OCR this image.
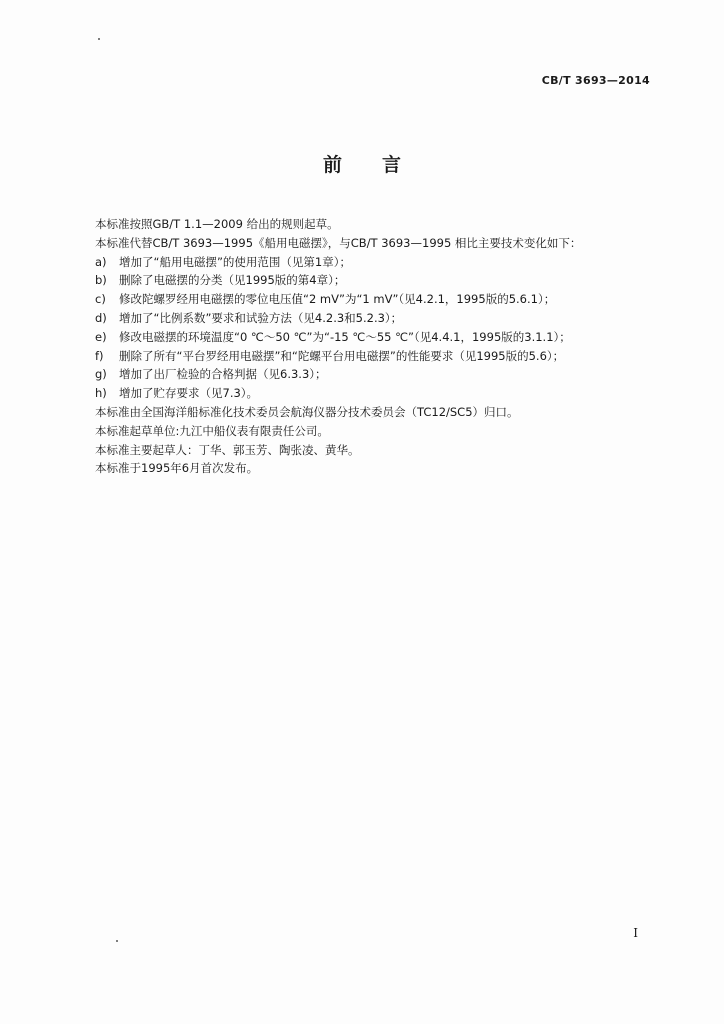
CB/T 3693—2014
前言
本标准按照GB/T 1.1—2009 给出的规则起草。
本标准代替CB/T 3693—1995《船用电磁摆》，与CB/T 3693—1995 相比主要技术变化如下：
a)	增加了“船用电磁摆”的使用范围（见第1章）；
b)	删除了电磁摆的分类（见1995版的第4章）；
c)	修改陀螺罗经用电磁摆的零位电压值“2 mV”为“1 mV”（见4.2.1，1995版的5.6.1）；
d)	增加了“比例系数”要求和试验方法（见4.2.3和5.2.3）；
e)	修改电磁摆的环境温度“0 ℃～50 ℃”为“-15 ℃～55 ℃”（见4.4.1，1995版的3.1.1）；
f)	删除了所有“平台罗经用电磁摆”和“陀螺平台用电磁摆”的性能要求（见1995版的5.6）；
g)	增加了出厂检验的合格判据（见6.3.3）；
h)	增加了贮存要求（见7.3）。
本标准由全国海洋船标准化技术委员会航海仪器分技术委员会（TC12/SC5）归口。
本标准起草单位:九江中船仪表有限责任公司。
本标准主要起草人：丁华、郭玉芳、陶张凌、黄华。
本标准于1995年6月首次发布。
I
